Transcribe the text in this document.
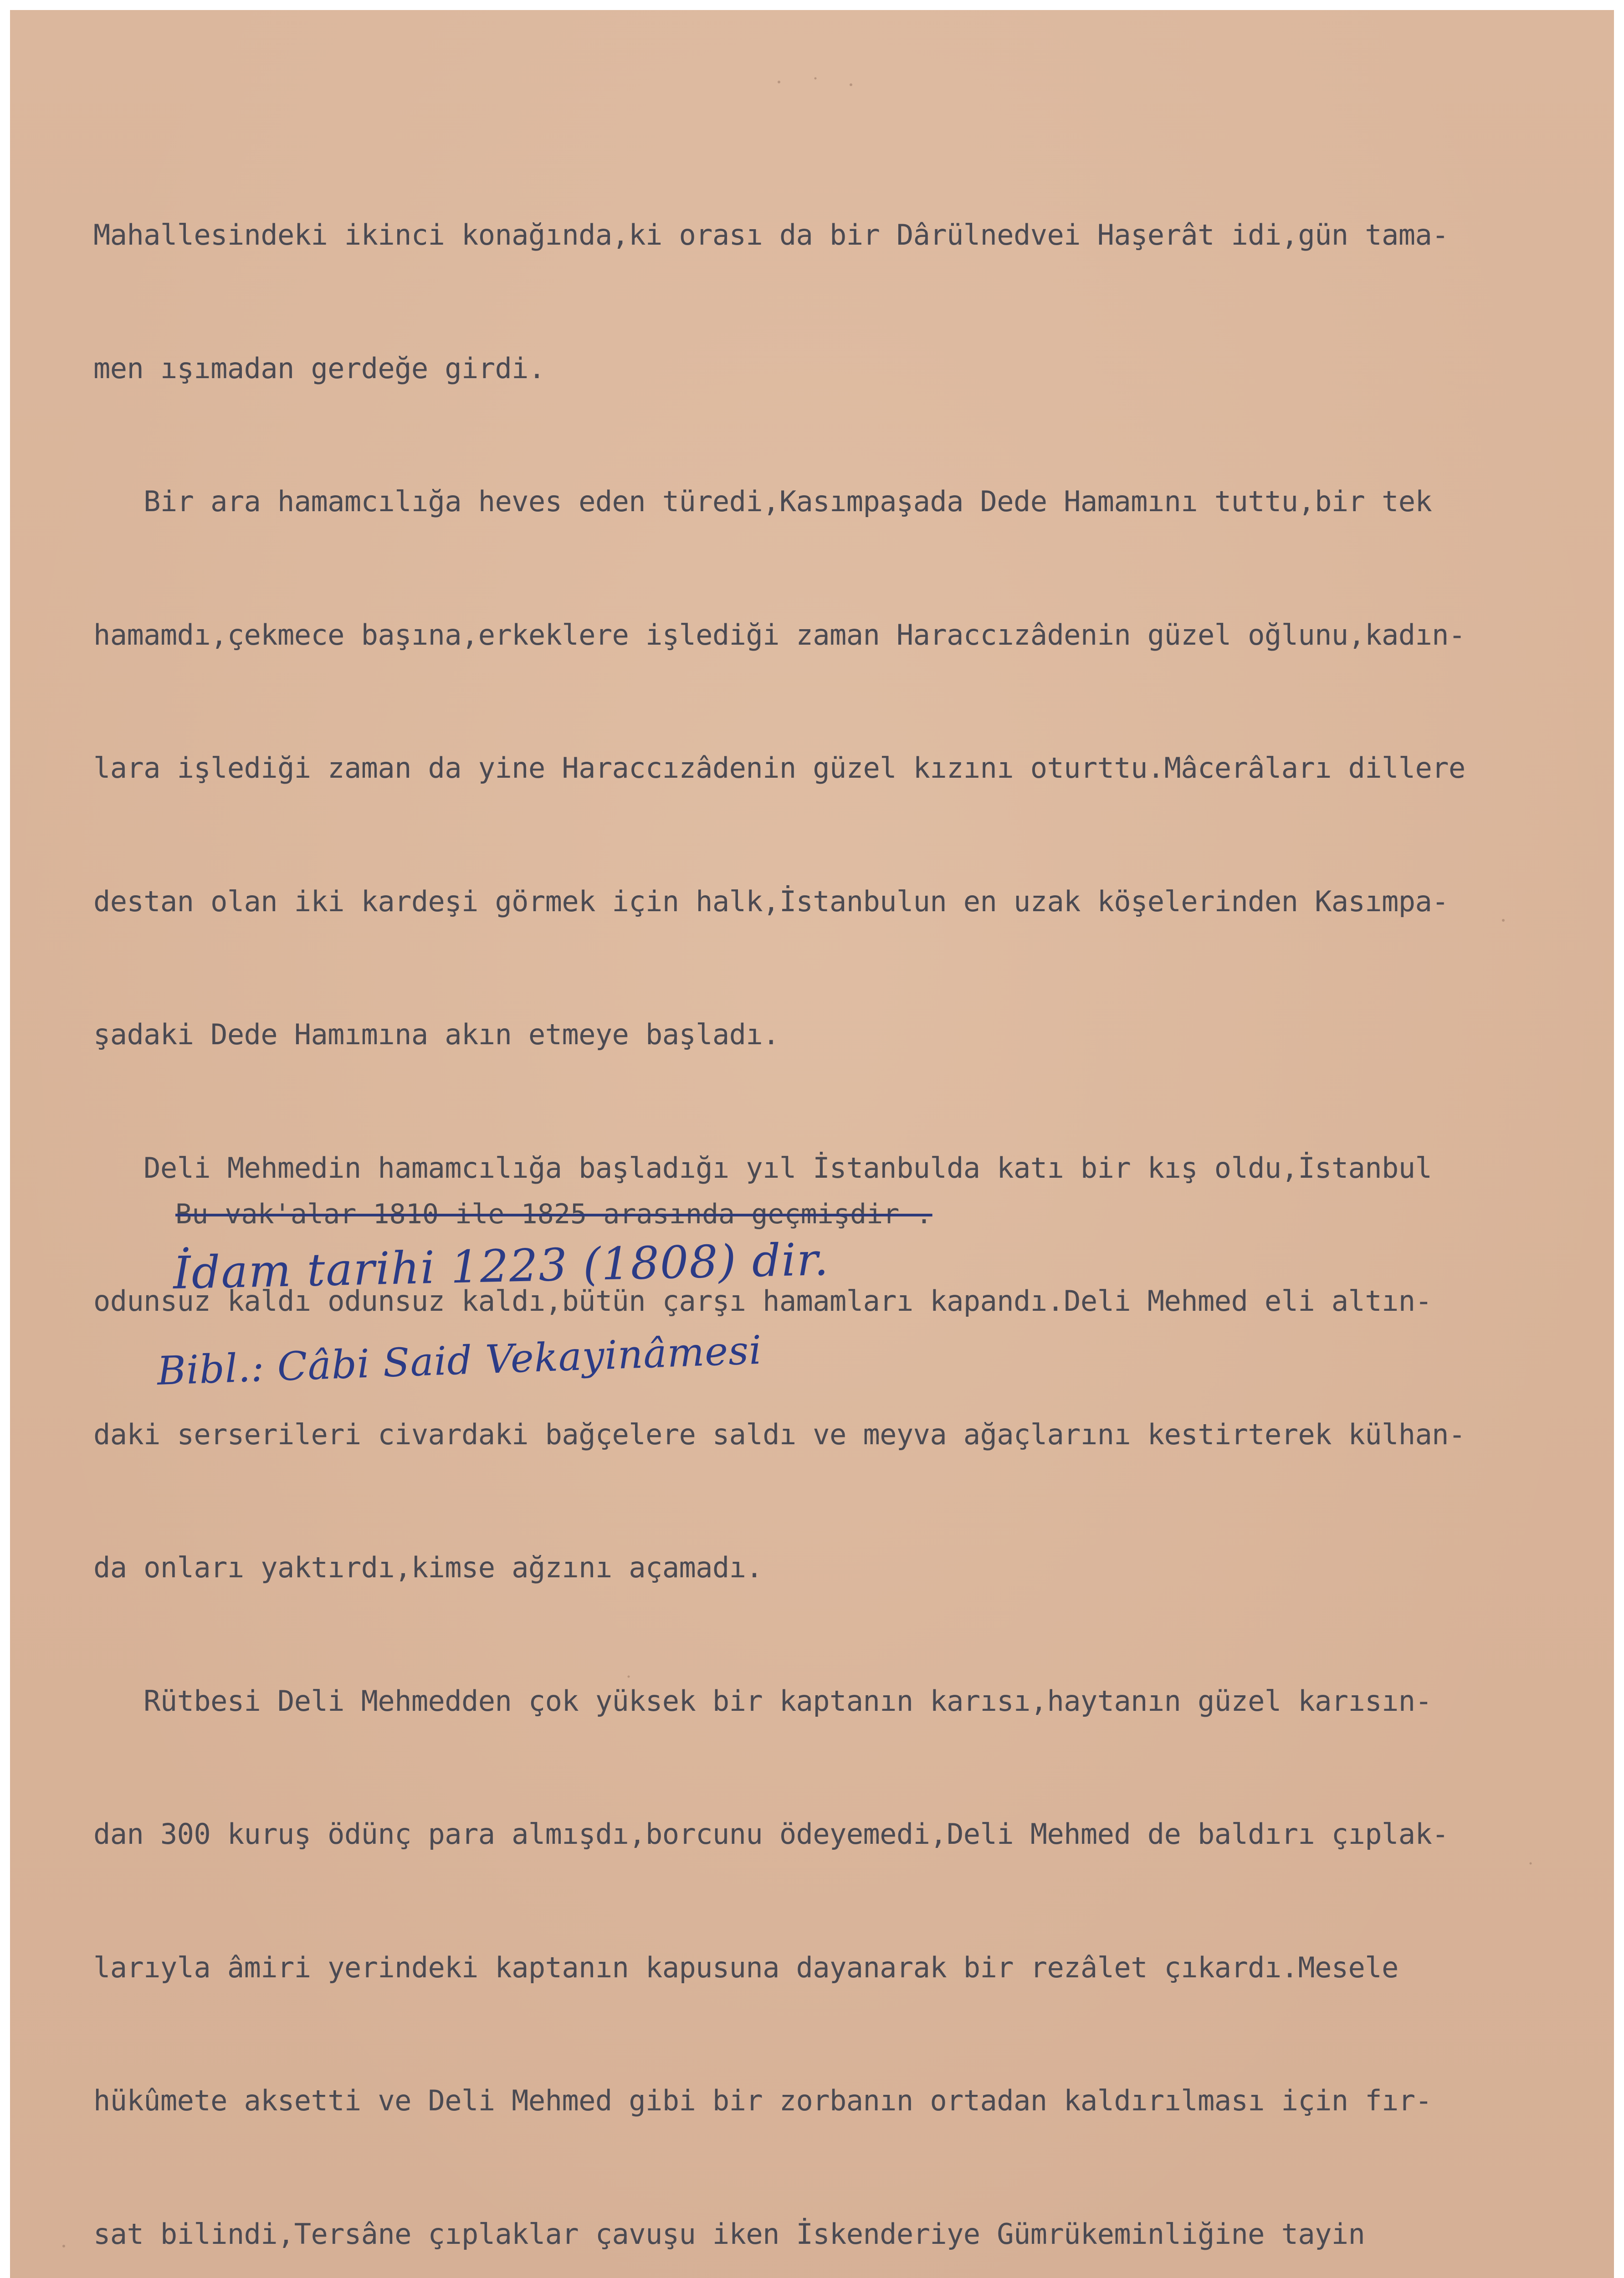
Mahallesindeki ikinci konağında,ki orası da bir Dârülnedvei Haşerât idi,gün tama-

men ışımadan gerdeğe girdi.

Bir ara hamamcılığa heves eden türedi,Kasımpaşada Dede Hamamını tuttu,bir tek

hamamdı,çekmece başına,erkeklere işlediği zaman Haraccızâdenin güzel oğlunu,kadın-

lara işlediği zaman da yine Haraccızâdenin güzel kızını oturttu.Mâcerâları dillere

destan olan iki kardeşi görmek için halk,İstanbulun en uzak köşelerinden Kasımpa-

şadaki Dede Hamımına akın etmeye başladı.

Deli Mehmedin hamamcılığa başladığı yıl İstanbulda katı bir kış oldu,İstanbul

odunsuz kaldı odunsuz kaldı,bütün çarşı hamamları kapandı.Deli Mehmed eli altın-

daki serserileri civardaki bağçelere saldı ve meyva ağaçlarını kestirterek külhan-

da onları yaktırdı,kimse ağzını açamadı.

Rütbesi Deli Mehmedden çok yüksek bir kaptanın karısı,haytanın güzel karısın-

dan 300 kuruş ödünç para almışdı,borcunu ödeyemedi,Deli Mehmed de baldırı çıplak-

larıyla âmiri yerindeki kaptanın kapusuna dayanarak bir rezâlet çıkardı.Mesele

hükûmete aksetti ve Deli Mehmed gibi bir zorbanın ortadan kaldırılması için fır-

sat bilindi,Tersâne çıplaklar çavuşu iken İskenderiye Gümrükeminliğine tayin

Bu vak'alar 1810 ile 1825 arasında geçmişdir .
İdam tarihi 1223 (1808) dir.
Bibl.: Câbi Said Vekayinâmesi
